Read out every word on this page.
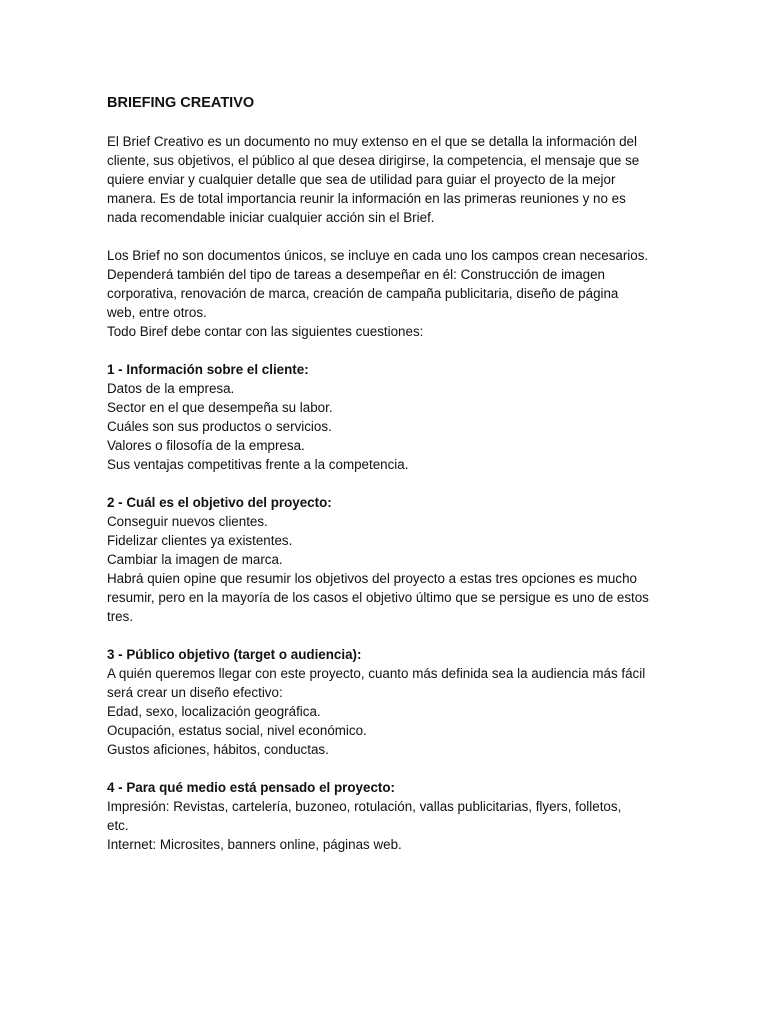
BRIEFING CREATIVO
El Brief Creativo es un documento no muy extenso en el que se detalla la información del
cliente, sus objetivos, el público al que desea dirigirse, la competencia, el mensaje que se
quiere enviar y cualquier detalle que sea de utilidad para guiar el proyecto de la mejor
manera. Es de total importancia reunir la información en las primeras reuniones y no es
nada recomendable iniciar cualquier acción sin el Brief.
Los Brief no son documentos únicos, se incluye en cada uno los campos crean necesarios.
Dependerá también del tipo de tareas a desempeñar en él: Construcción de imagen
corporativa, renovación de marca, creación de campaña publicitaria, diseño de página
web, entre otros.
Todo Biref debe contar con las siguientes cuestiones:
1 - Información sobre el cliente:
Datos de la empresa.
Sector en el que desempeña su labor.
Cuáles son sus productos o servicios.
Valores o filosofía de la empresa.
Sus ventajas competitivas frente a la competencia.
2 - Cuál es el objetivo del proyecto:
Conseguir nuevos clientes.
Fidelizar clientes ya existentes.
Cambiar la imagen de marca.
Habrá quien opine que resumir los objetivos del proyecto a estas tres opciones es mucho
resumir, pero en la mayoría de los casos el objetivo último que se persigue es uno de estos
tres.
3 - Público objetivo (target o audiencia):
A quién queremos llegar con este proyecto, cuanto más definida sea la audiencia más fácil
será crear un diseño efectivo:
Edad, sexo, localización geográfica.
Ocupación, estatus social, nivel económico.
Gustos aficiones, hábitos, conductas.
4 - Para qué medio está pensado el proyecto:
Impresión: Revistas, cartelería, buzoneo, rotulación, vallas publicitarias, flyers, folletos,
etc.
Internet: Microsites, banners online, páginas web.
